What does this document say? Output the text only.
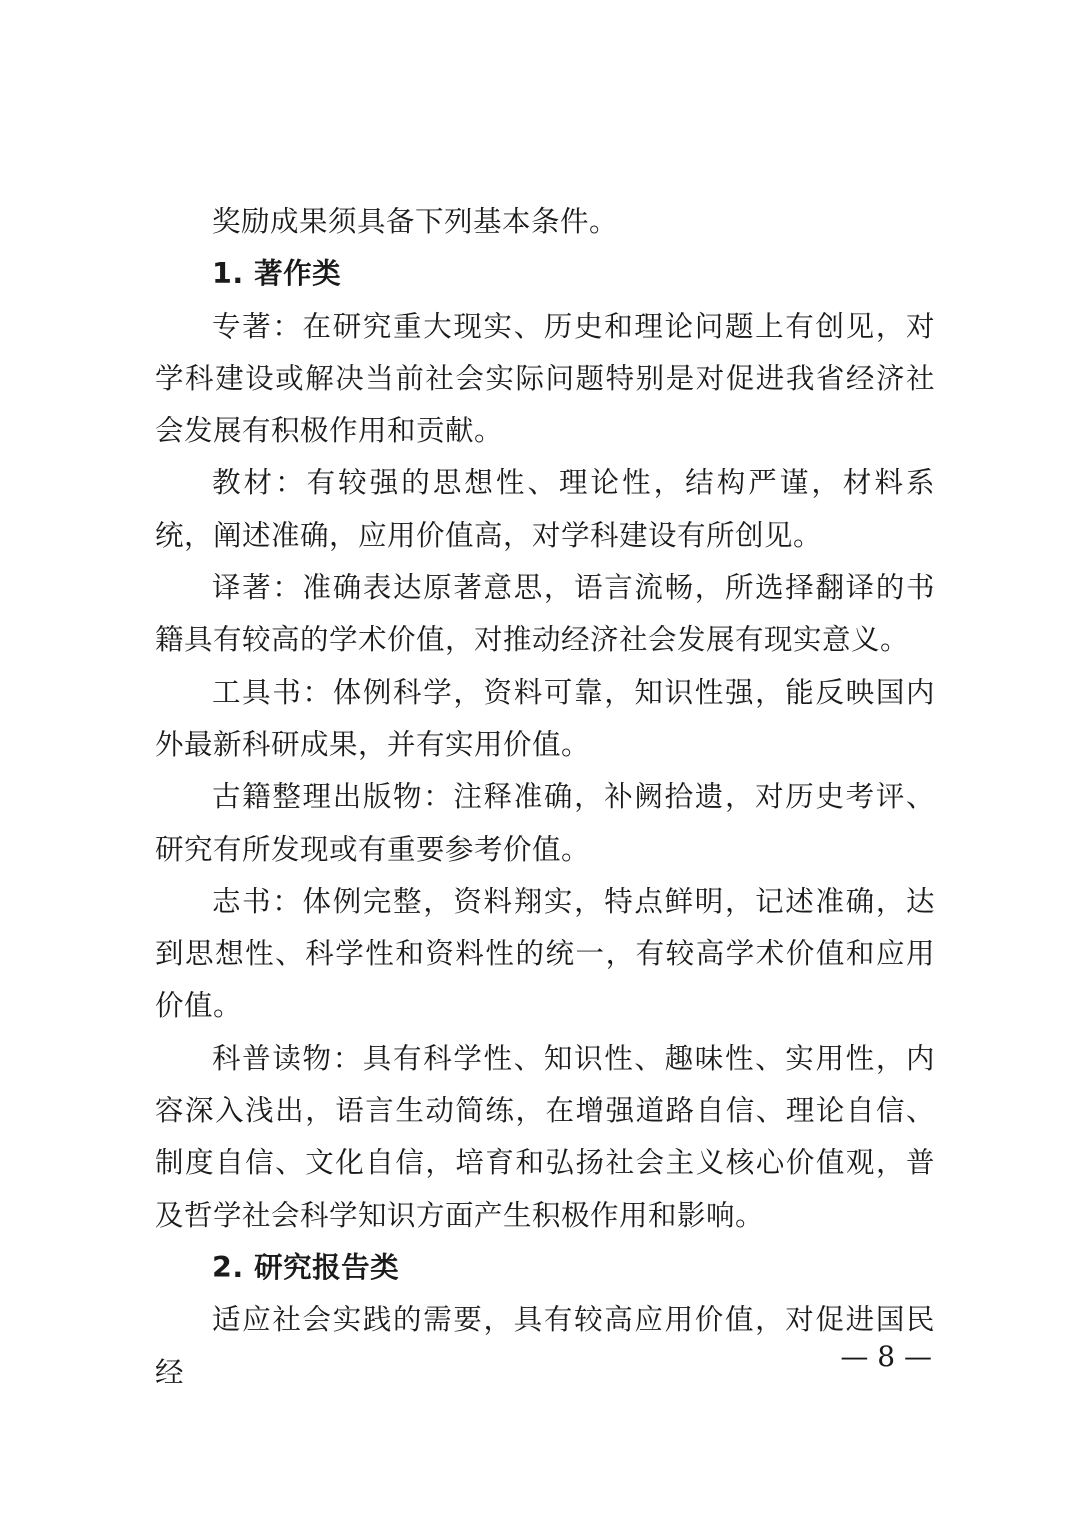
奖励成果须具备下列基本条件。

1. 著作类

专著：在研究重大现实、历史和理论问题上有创见，对学科建设或解决当前社会实际问题特别是对促进我省经济社会发展有积极作用和贡献。

教材：有较强的思想性、理论性，结构严谨，材料系统，阐述准确，应用价值高，对学科建设有所创见。

译著：准确表达原著意思，语言流畅，所选择翻译的书籍具有较高的学术价值，对推动经济社会发展有现实意义。

工具书：体例科学，资料可靠，知识性强，能反映国内外最新科研成果，并有实用价值。

古籍整理出版物：注释准确，补阙拾遗，对历史考评、研究有所发现或有重要参考价值。

志书：体例完整，资料翔实，特点鲜明，记述准确，达到思想性、科学性和资料性的统一，有较高学术价值和应用价值。

科普读物：具有科学性、知识性、趣味性、实用性，内容深入浅出，语言生动简练，在增强道路自信、理论自信、制度自信、文化自信，培育和弘扬社会主义核心价值观，普及哲学社会科学知识方面产生积极作用和影响。

2. 研究报告类

适应社会实践的需要，具有较高应用价值，对促进国民经	— 8 —
